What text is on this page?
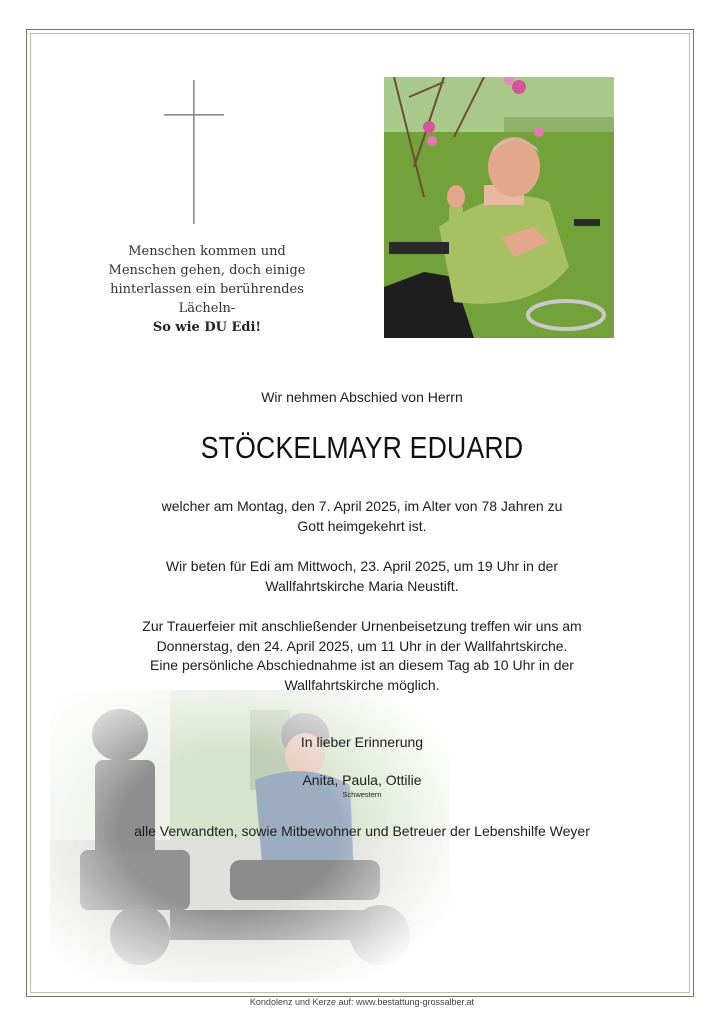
Menschen kommen und
Menschen gehen, doch einige
hinterlassen ein berührendes
Lächeln-
So wie DU Edi!
Wir nehmen Abschied von Herrn
STÖCKELMAYR EDUARD
welcher am Montag, den 7. April 2025, im Alter von 78 Jahren zu
Gott heimgekehrt ist.
Wir beten für Edi am Mittwoch, 23. April 2025, um 19 Uhr in der
Wallfahrtskirche Maria Neustift.
Zur Trauerfeier mit anschließender Urnenbeisetzung treffen wir uns am
Donnerstag, den 24. April 2025, um 11 Uhr in der Wallfahrtskirche.
Eine persönliche Abschiednahme ist an diesem Tag ab 10 Uhr in der
Wallfahrtskirche möglich.
In lieber Erinnerung
Anita, Paula, Ottilie
Schwestern
alle Verwandten, sowie Mitbewohner und Betreuer der Lebenshilfe Weyer
Kondolenz und Kerze auf: www.bestattung-grossalber.at
